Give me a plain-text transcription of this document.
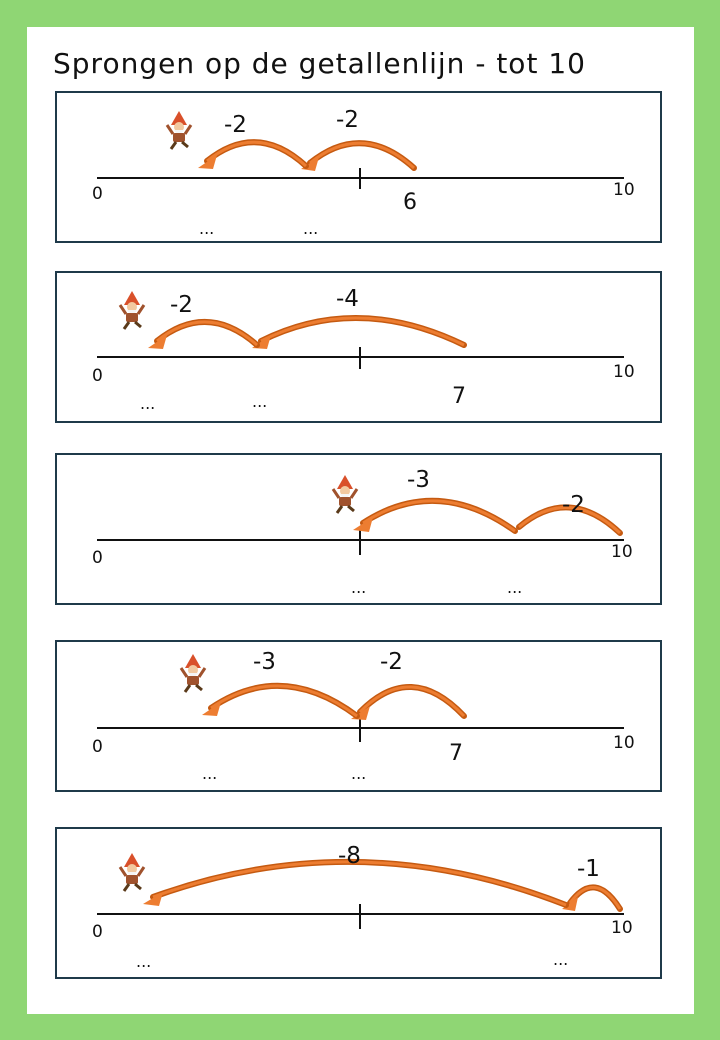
Sprongen op de getallenlijn - tot 10
0	10
6
-2
-2
...	...
0	10
7
-4
-2
...	...
0	10
-2
-3
...	...
0	10
7
-2
-3
...	...
0	10
-1
-8
...	...
